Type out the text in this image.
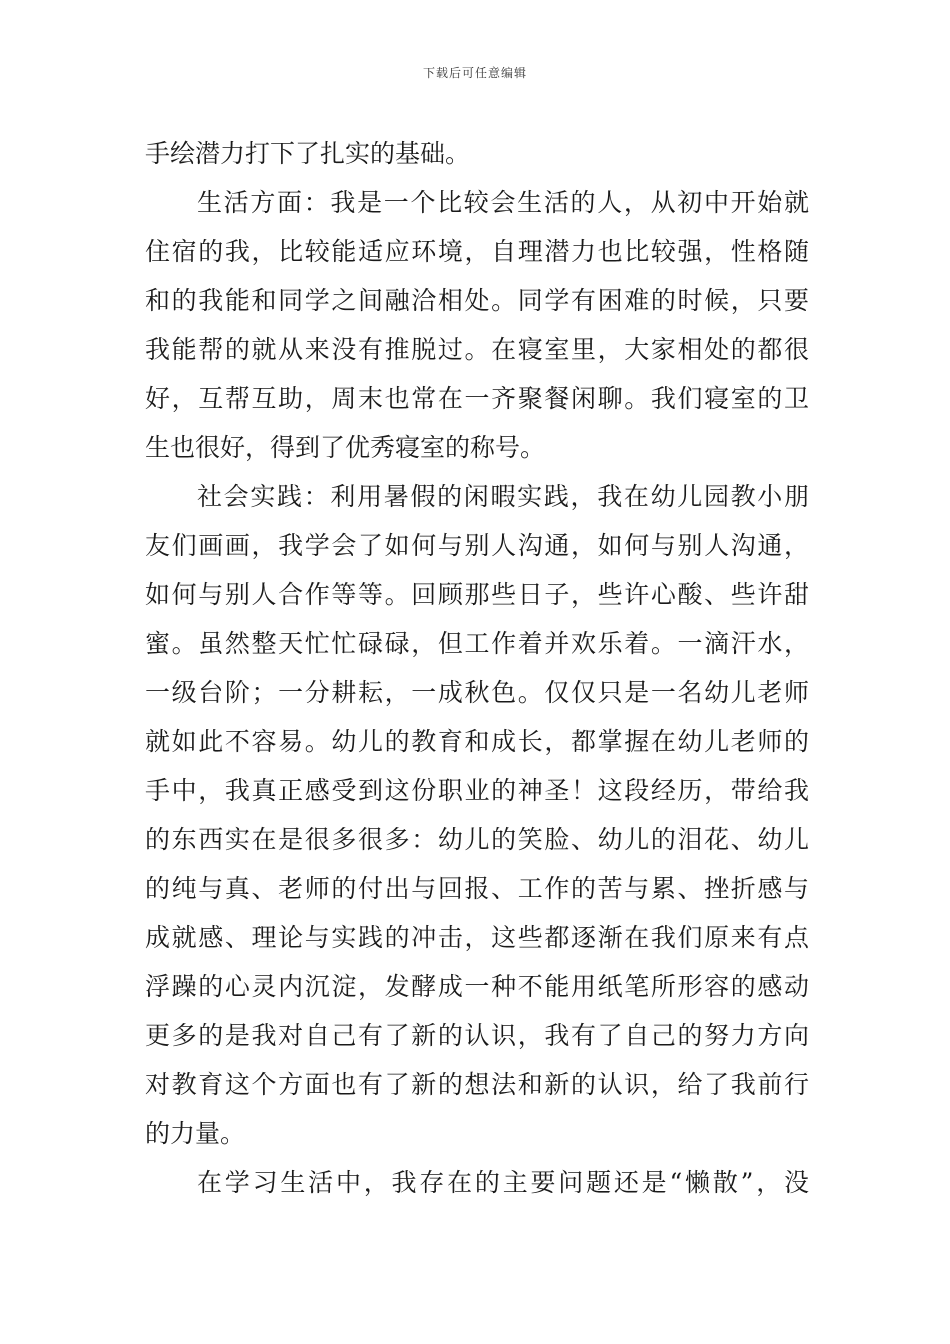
下载后可任意编辑
手绘潜力打下了扎实的基础。
生活方面：我是一个比较会生活的人，从初中开始就
住宿的我，比较能适应环境，自理潜力也比较强，性格随
和的我能和同学之间融洽相处。同学有困难的时候，只要
我能帮的就从来没有推脱过。在寝室里，大家相处的都很
好，互帮互助，周末也常在一齐聚餐闲聊。我们寝室的卫
生也很好，得到了优秀寝室的称号。
社会实践：利用暑假的闲暇实践，我在幼儿园教小朋
友们画画，我学会了如何与别人沟通，如何与别人沟通，
如何与别人合作等等。回顾那些日子，些许心酸、些许甜
蜜。虽然整天忙忙碌碌，但工作着并欢乐着。一滴汗水，
一级台阶；一分耕耘，一成秋色。仅仅只是一名幼儿老师
就如此不容易。幼儿的教育和成长，都掌握在幼儿老师的
手中，我真正感受到这份职业的神圣！这段经历，带给我
的东西实在是很多很多：幼儿的笑脸、幼儿的泪花、幼儿
的纯与真、老师的付出与回报、工作的苦与累、挫折感与
成就感、理论与实践的冲击，这些都逐渐在我们原来有点
浮躁的心灵内沉淀，发酵成一种不能用纸笔所形容的感动
更多的是我对自己有了新的认识，我有了自己的努力方向
对教育这个方面也有了新的想法和新的认识，给了我前行
的力量。
在学习生活中，我存在的主要问题还是“懒散”，没
